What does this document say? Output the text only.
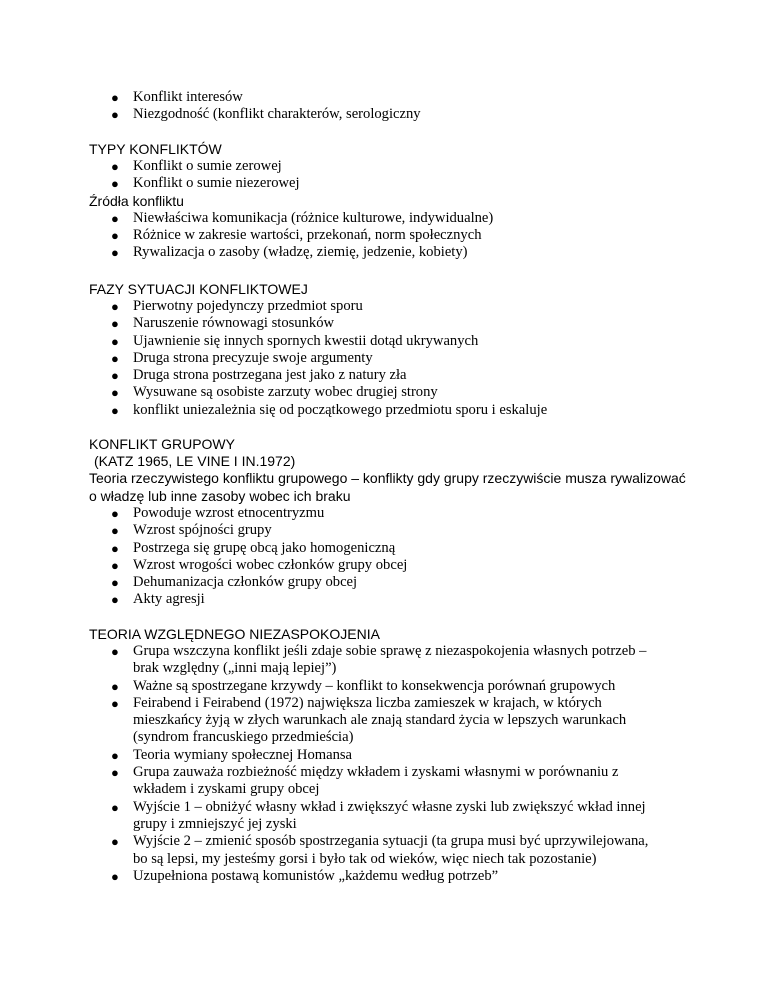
● Konflikt interesów
● Niezgodność (konflikt charakterów, serologiczny
TYPY KONFLIKTÓW
● Konflikt o sumie zerowej
● Konflikt o sumie niezerowej
Źródła konfliktu
● Niewłaściwa komunikacja (różnice kulturowe, indywidualne)
● Różnice w zakresie wartości, przekonań, norm społecznych
● Rywalizacja o zasoby (władzę, ziemię, jedzenie, kobiety)
FAZY SYTUACJI KONFLIKTOWEJ
● Pierwotny pojedynczy przedmiot sporu
● Naruszenie równowagi stosunków
● Ujawnienie się innych spornych kwestii dotąd ukrywanych
● Druga strona precyzuje swoje argumenty
● Druga strona postrzegana jest jako z natury zła
● Wysuwane są osobiste zarzuty wobec drugiej strony
● konflikt uniezależnia się od początkowego przedmiotu sporu i eskaluje
KONFLIKT GRUPOWY
(KATZ 1965, LE VINE I IN.1972)
Teoria rzeczywistego konfliktu grupowego – konflikty gdy grupy rzeczywiście musza rywalizować o władzę lub inne zasoby wobec ich braku
● Powoduje wzrost etnocentryzmu
● Wzrost spójności grupy
● Postrzega się grupę obcą jako homogeniczną
● Wzrost wrogości wobec członków grupy obcej
● Dehumanizacja członków grupy obcej
● Akty agresji
TEORIA WZGLĘDNEGO NIEZASPOKOJENIA
● Grupa wszczyna konflikt jeśli zdaje sobie sprawę z niezaspokojenia własnych potrzeb – brak względny („inni mają lepiej”)
● Ważne są spostrzegane krzywdy – konflikt to konsekwencja porównań grupowych
● Feirabend i Feirabend (1972) największa liczba zamieszek w krajach, w których mieszkańcy żyją w złych warunkach ale znają standard życia w lepszych warunkach (syndrom francuskiego przedmieścia)
● Teoria wymiany społecznej Homansa
● Grupa zauważa rozbieżność między wkładem i zyskami własnymi w porównaniu z wkładem i zyskami grupy obcej
● Wyjście 1 – obniżyć własny wkład i zwiększyć własne zyski lub zwiększyć wkład innej grupy i zmniejszyć jej zyski
● Wyjście 2 – zmienić sposób spostrzegania sytuacji (ta grupa musi być uprzywilejowana, bo są lepsi, my jesteśmy gorsi i było tak od wieków, więc niech tak pozostanie)
● Uzupełniona postawą komunistów „każdemu według potrzeb”
